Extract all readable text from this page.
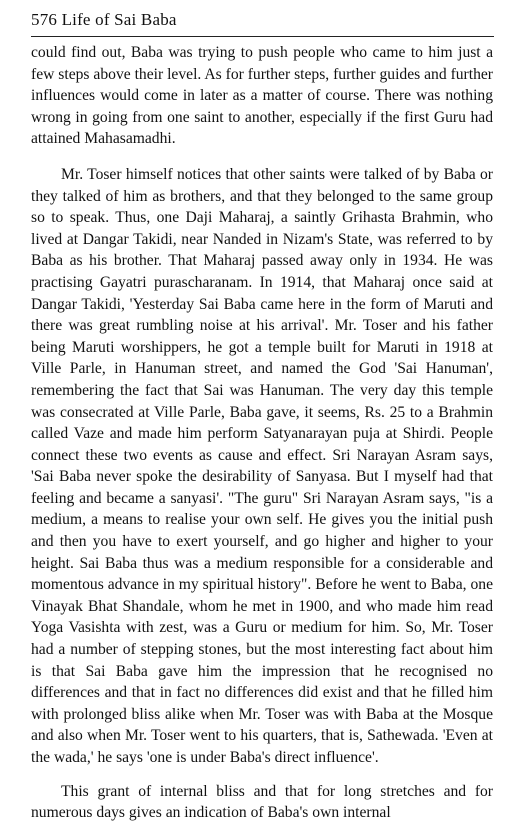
576 Life of Sai Baba

could find out, Baba was trying to push people who came to him just a few steps above their level. As for further steps, further guides and further influences would come in later as a matter of course. There was nothing wrong in going from one saint to another, especially if the first Guru had attained Mahasamadhi.

Mr. Toser himself notices that other saints were talked of by Baba or they talked of him as brothers, and that they belonged to the same group so to speak. Thus, one Daji Maharaj, a saintly Grihasta Brahmin, who lived at Dangar Takidi, near Nanded in Nizam's State, was referred to by Baba as his brother. That Maharaj passed away only in 1934. He was practising Gayatri purascharanam. In 1914, that Maharaj once said at Dangar Takidi, 'Yesterday Sai Baba came here in the form of Maruti and there was great rumbling noise at his arrival'. Mr. Toser and his father being Maruti worshippers, he got a temple built for Maruti in 1918 at Ville Parle, in Hanuman street, and named the God 'Sai Hanuman', remembering the fact that Sai was Hanuman. The very day this temple was consecrated at Ville Parle, Baba gave, it seems, Rs. 25 to a Brahmin called Vaze and made him perform Satyanarayan puja at Shirdi. People connect these two events as cause and effect. Sri Narayan Asram says, 'Sai Baba never spoke the desirability of Sanyasa. But I myself had that feeling and became a sanyasi'. "The guru" Sri Narayan Asram says, "is a medium, a means to realise your own self. He gives you the initial push and then you have to exert yourself, and go higher and higher to your height. Sai Baba thus was a medium responsible for a considerable and momentous advance in my spiritual history". Before he went to Baba, one Vinayak Bhat Shandale, whom he met in 1900, and who made him read Yoga Vasishta with zest, was a Guru or medium for him. So, Mr. Toser had a number of stepping stones, but the most interesting fact about him is that Sai Baba gave him the impression that he recognised no differences and that in fact no differences did exist and that he filled him with prolonged bliss alike when Mr. Toser was with Baba at the Mosque and also when Mr. Toser went to his quarters, that is, Sathewada. 'Even at the wada,' he says 'one is under Baba's direct influence'.

This grant of internal bliss and that for long stretches and for numerous days gives an indication of Baba's own internal
